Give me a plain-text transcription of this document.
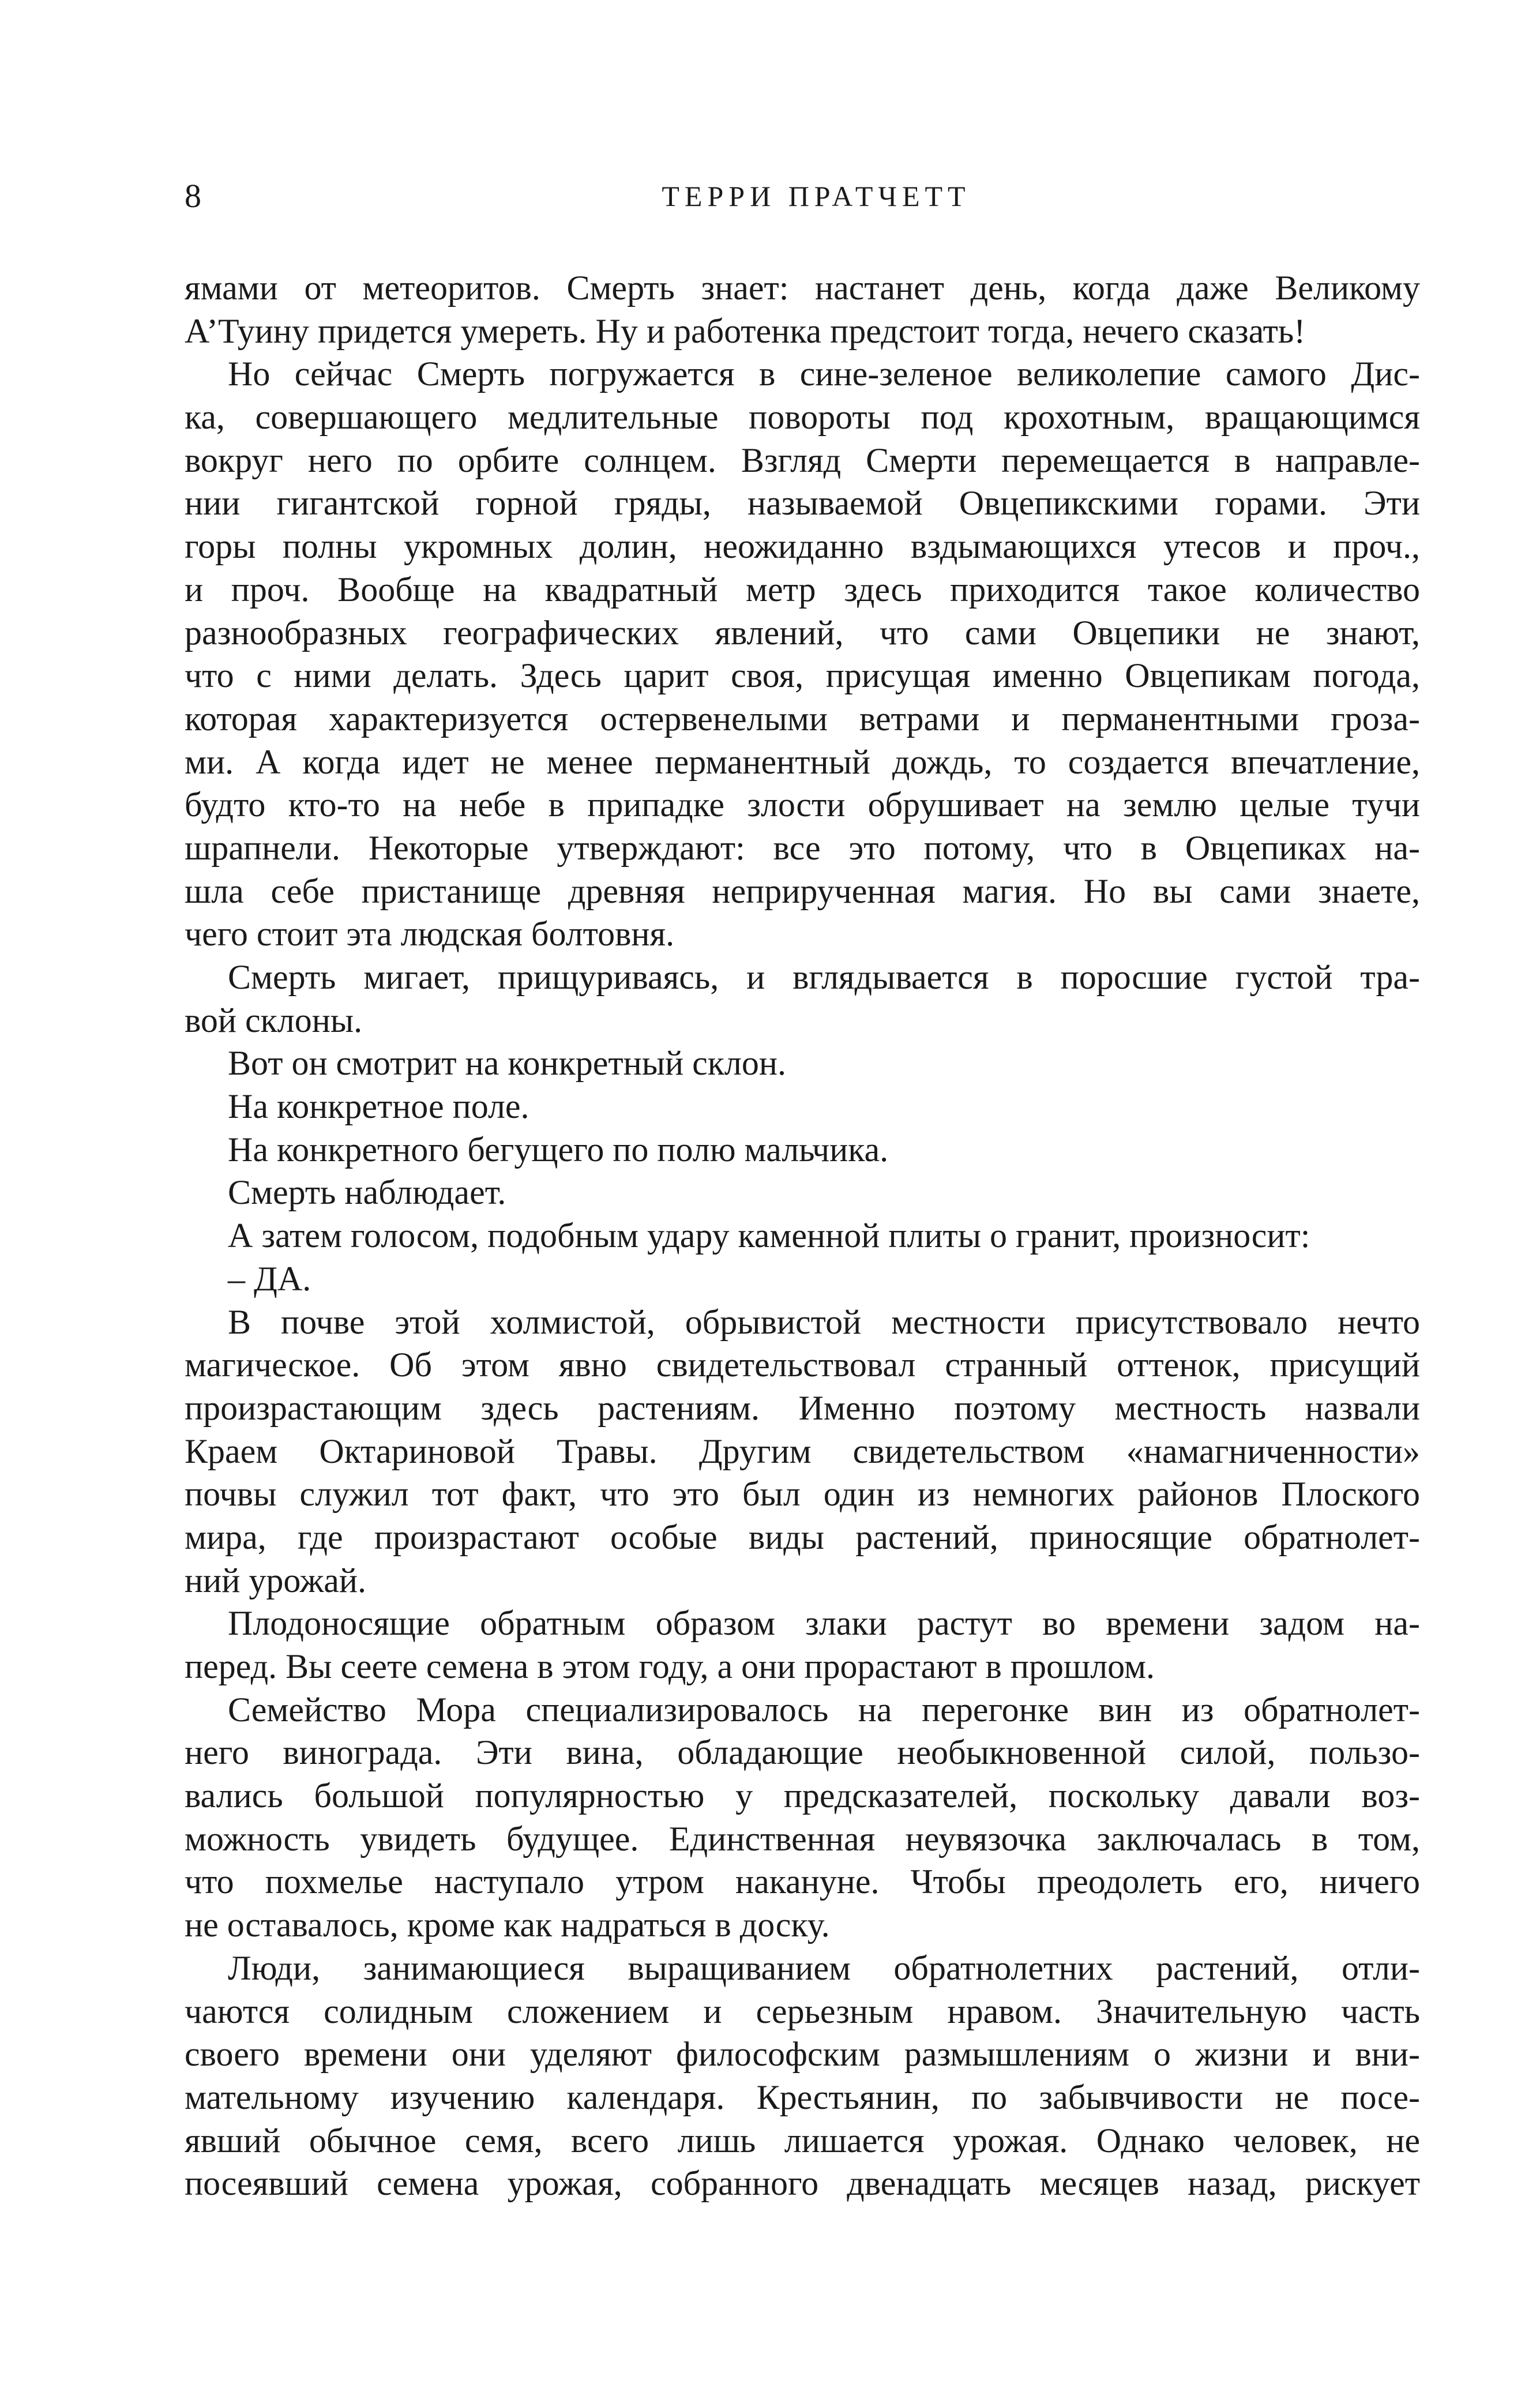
8	ТЕРРИ ПРАТЧЕТТ
ямами от метеоритов. Смерть знает: настанет день, когда даже Великому
А’Туину придется умереть. Ну и работенка предстоит тогда, нечего сказать!
Но сейчас Смерть погружается в сине-зеленое великолепие самого Дис-
ка, совершающего медлительные повороты под крохотным, вращающимся
вокруг него по орбите солнцем. Взгляд Смерти перемещается в направле-
нии гигантской горной гряды, называемой Овцепикскими горами. Эти
горы полны укромных долин, неожиданно вздымающихся утесов и проч.,
и проч. Вообще на квадратный метр здесь приходится такое количество
разнообразных географических явлений, что сами Овцепики не знают,
что с ними делать. Здесь царит своя, присущая именно Овцепикам погода,
которая характеризуется остервенелыми ветрами и перманентными гроза-
ми. А когда идет не менее перманентный дождь, то создается впечатление,
будто кто-то на небе в припадке злости обрушивает на землю целые тучи
шрапнели. Некоторые утверждают: все это потому, что в Овцепиках на-
шла себе пристанище древняя неприрученная магия. Но вы сами знаете,
чего стоит эта людская болтовня.
Смерть мигает, прищуриваясь, и вглядывается в поросшие густой тра-
вой склоны.
Вот он смотрит на конкретный склон.
На конкретное поле.
На конкретного бегущего по полю мальчика.
Смерть наблюдает.
А затем голосом, подобным удару каменной плиты о гранит, произносит:
– ДА.
В почве этой холмистой, обрывистой местности присутствовало нечто
магическое. Об этом явно свидетельствовал странный оттенок, присущий
произрастающим здесь растениям. Именно поэтому местность назвали
Краем Октариновой Травы. Другим свидетельством «намагниченности»
почвы служил тот факт, что это был один из немногих районов Плоского
мира, где произрастают особые виды растений, приносящие обратнолет-
ний урожай.
Плодоносящие обратным образом злаки растут во времени задом на-
перед. Вы сеете семена в этом году, а они прорастают в прошлом.
Семейство Мора специализировалось на перегонке вин из обратнолет-
него винограда. Эти вина, обладающие необыкновенной силой, пользо-
вались большой популярностью у предсказателей, поскольку давали воз-
можность увидеть будущее. Единственная неувязочка заключалась в том,
что похмелье наступало утром накануне. Чтобы преодолеть его, ничего
не оставалось, кроме как надраться в доску.
Люди, занимающиеся выращиванием обратнолетних растений, отли-
чаются солидным сложением и серьезным нравом. Значительную часть
своего времени они уделяют философским размышлениям о жизни и вни-
мательному изучению календаря. Крестьянин, по забывчивости не посе-
явший обычное семя, всего лишь лишается урожая. Однако человек, не
посеявший семена урожая, собранного двенадцать месяцев назад, рискует
